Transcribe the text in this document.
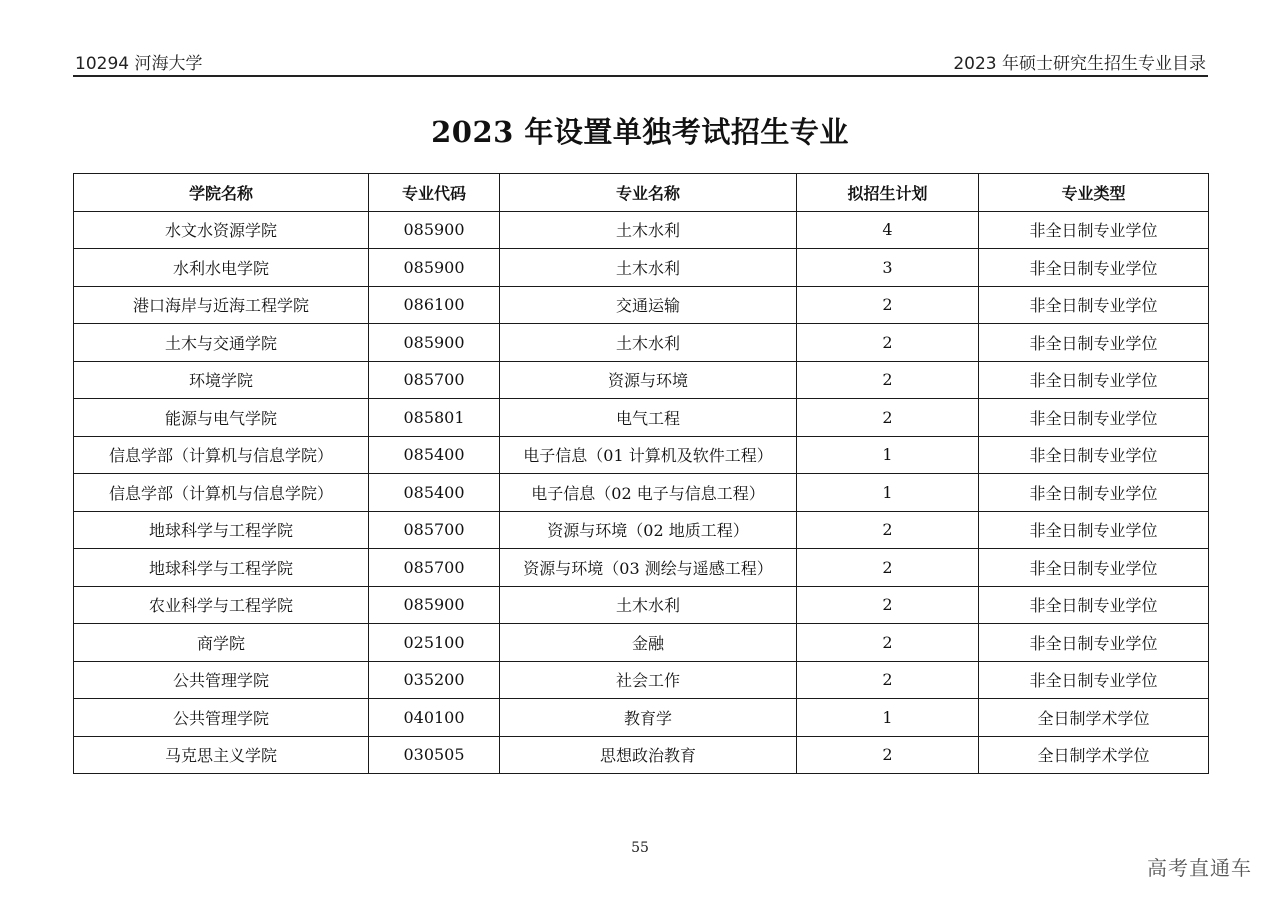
10294 河海大学	2023 年硕士研究生招生专业目录
2023 年设置单独考试招生专业
学院名称	专业代码	专业名称	拟招生计划	专业类型
水文水资源学院	085900	土木水利	4	非全日制专业学位
水利水电学院	085900	土木水利	3	非全日制专业学位
港口海岸与近海工程学院	086100	交通运输	2	非全日制专业学位
土木与交通学院	085900	土木水利	2	非全日制专业学位
环境学院	085700	资源与环境	2	非全日制专业学位
能源与电气学院	085801	电气工程	2	非全日制专业学位
信息学部（计算机与信息学院）	085400	电子信息（01 计算机及软件工程）	1	非全日制专业学位
信息学部（计算机与信息学院）	085400	电子信息（02 电子与信息工程）	1	非全日制专业学位
地球科学与工程学院	085700	资源与环境（02 地质工程）	2	非全日制专业学位
地球科学与工程学院	085700	资源与环境（03 测绘与遥感工程）	2	非全日制专业学位
农业科学与工程学院	085900	土木水利	2	非全日制专业学位
商学院	025100	金融	2	非全日制专业学位
公共管理学院	035200	社会工作	2	非全日制专业学位
公共管理学院	040100	教育学	1	全日制学术学位
马克思主义学院	030505	思想政治教育	2	全日制学术学位
55
高考直通车
